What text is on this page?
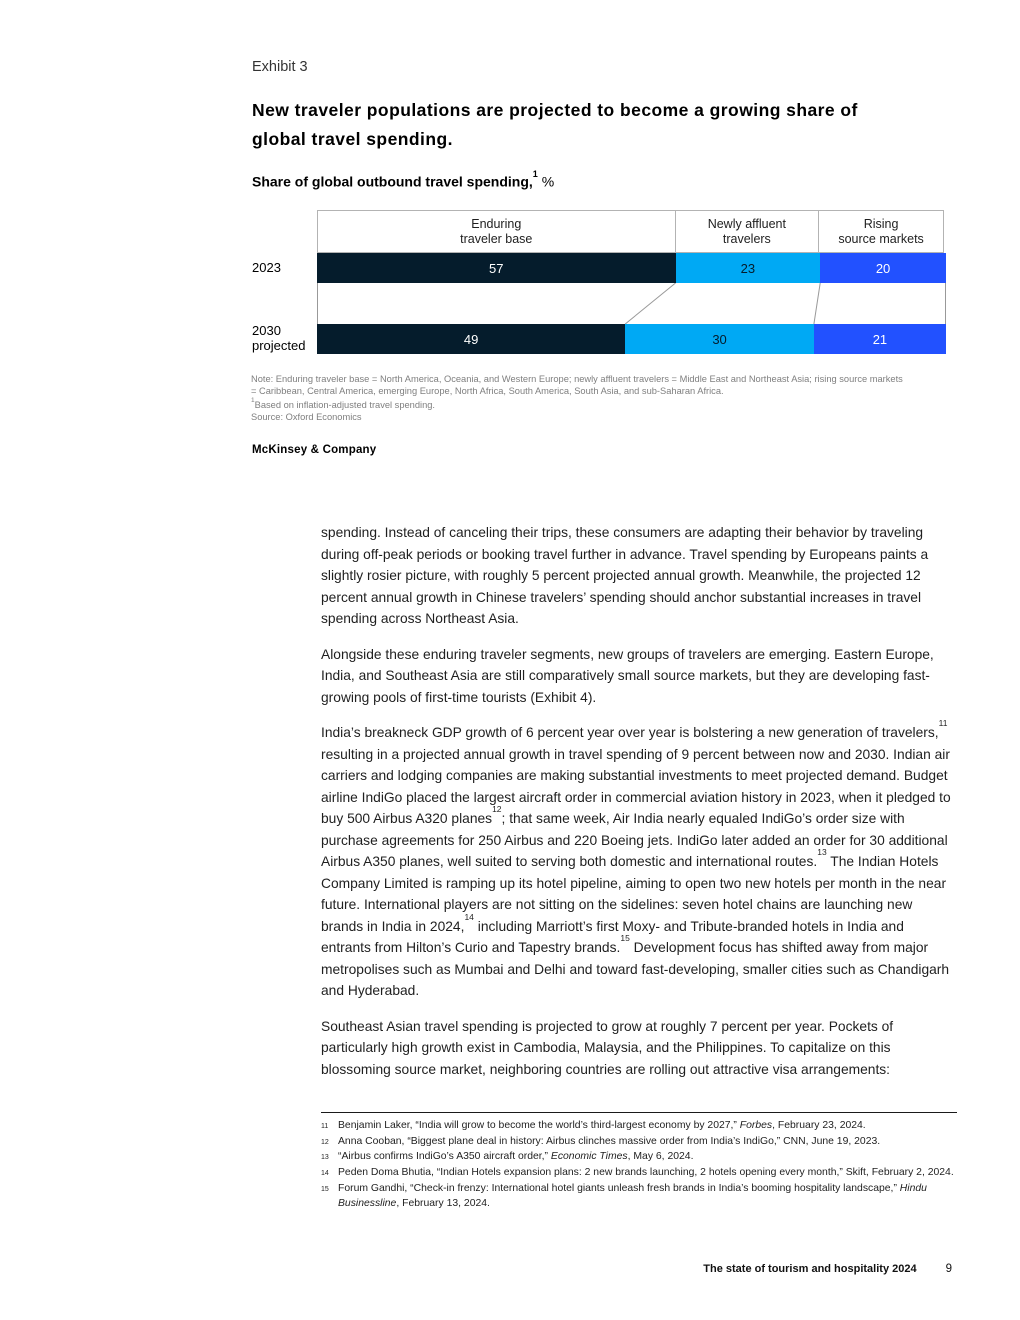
Exhibit 3
New traveler populations are projected to become a growing share of global travel spending.
Share of global outbound travel spending,$^1$ %
Enduring
traveler base
Newly affluent
travelers
Rising
source markets
57	23	20
49	30	21
2023
2030
projected
Note: Enduring traveler base = North America, Oceania, and Western Europe; newly affluent travelers = Middle East and Northeast Asia; rising source markets = Caribbean, Central America, emerging Europe, North Africa, South America, South Asia, and sub-Saharan Africa.
$^1$Based on inflation-adjusted travel spending.
Source: Oxford Economics
McKinsey & Company

spending. Instead of canceling their trips, these consumers are adapting their behavior by traveling during off-peak periods or booking travel further in advance. Travel spending by Europeans paints a slightly rosier picture, with roughly 5 percent projected annual growth. Meanwhile, the projected 12 percent annual growth in Chinese travelers’ spending should anchor substantial increases in travel spending across Northeast Asia.

Alongside these enduring traveler segments, new groups of travelers are emerging. Eastern Europe, India, and Southeast Asia are still comparatively small source markets, but they are developing fast-growing pools of first-time tourists (Exhibit 4).

India’s breakneck GDP growth of 6 percent year over year is bolstering a new generation of travelers,$^{11}$ resulting in a projected annual growth in travel spending of 9 percent between now and 2030. Indian air carriers and lodging companies are making substantial investments to meet projected demand. Budget airline IndiGo placed the largest aircraft order in commercial aviation history in 2023, when it pledged to buy 500 Airbus A320 planes$^{12}$; that same week, Air India nearly equaled IndiGo’s order size with purchase agreements for 250 Airbus and 220 Boeing jets. IndiGo later added an order for 30 additional Airbus A350 planes, well suited to serving both domestic and international routes.$^{13}$ The Indian Hotels Company Limited is ramping up its hotel pipeline, aiming to open two new hotels per month in the near future. International players are not sitting on the sidelines: seven hotel chains are launching new brands in India in 2024,14 including Marriott’s first Moxy- and Tribute-branded hotels in India and entrants from Hilton’s Curio and Tapestry brands.$^{15}$ Development focus has shifted away from major metropolises such as Mumbai and Delhi and toward fast-developing, smaller cities such as Chandigarh and Hyderabad.

Southeast Asian travel spending is projected to grow at roughly 7 percent per year. Pockets of particularly high growth exist in Cambodia, Malaysia, and the Philippines. To capitalize on this blossoming source market, neighboring countries are rolling out attractive visa arrangements:

11 Benjamin Laker, “India will grow to become the world’s third-largest economy by 2027,” Forbes, February 23, 2024.
12 Anna Cooban, “Biggest plane deal in history: Airbus clinches massive order from India’s IndiGo,” CNN, June 19, 2023.
13 “Airbus confirms IndiGo’s A350 aircraft order,” Economic Times, May 6, 2024.
14 Peden Doma Bhutia, “Indian Hotels expansion plans: 2 new brands launching, 2 hotels opening every month,” Skift, February 2, 2024.
15 Forum Gandhi, “Check-in frenzy: International hotel giants unleash fresh brands in India’s booming hospitality landscape,” Hindu Businessline, February 13, 2024.
The state of tourism and hospitality 2024	9
